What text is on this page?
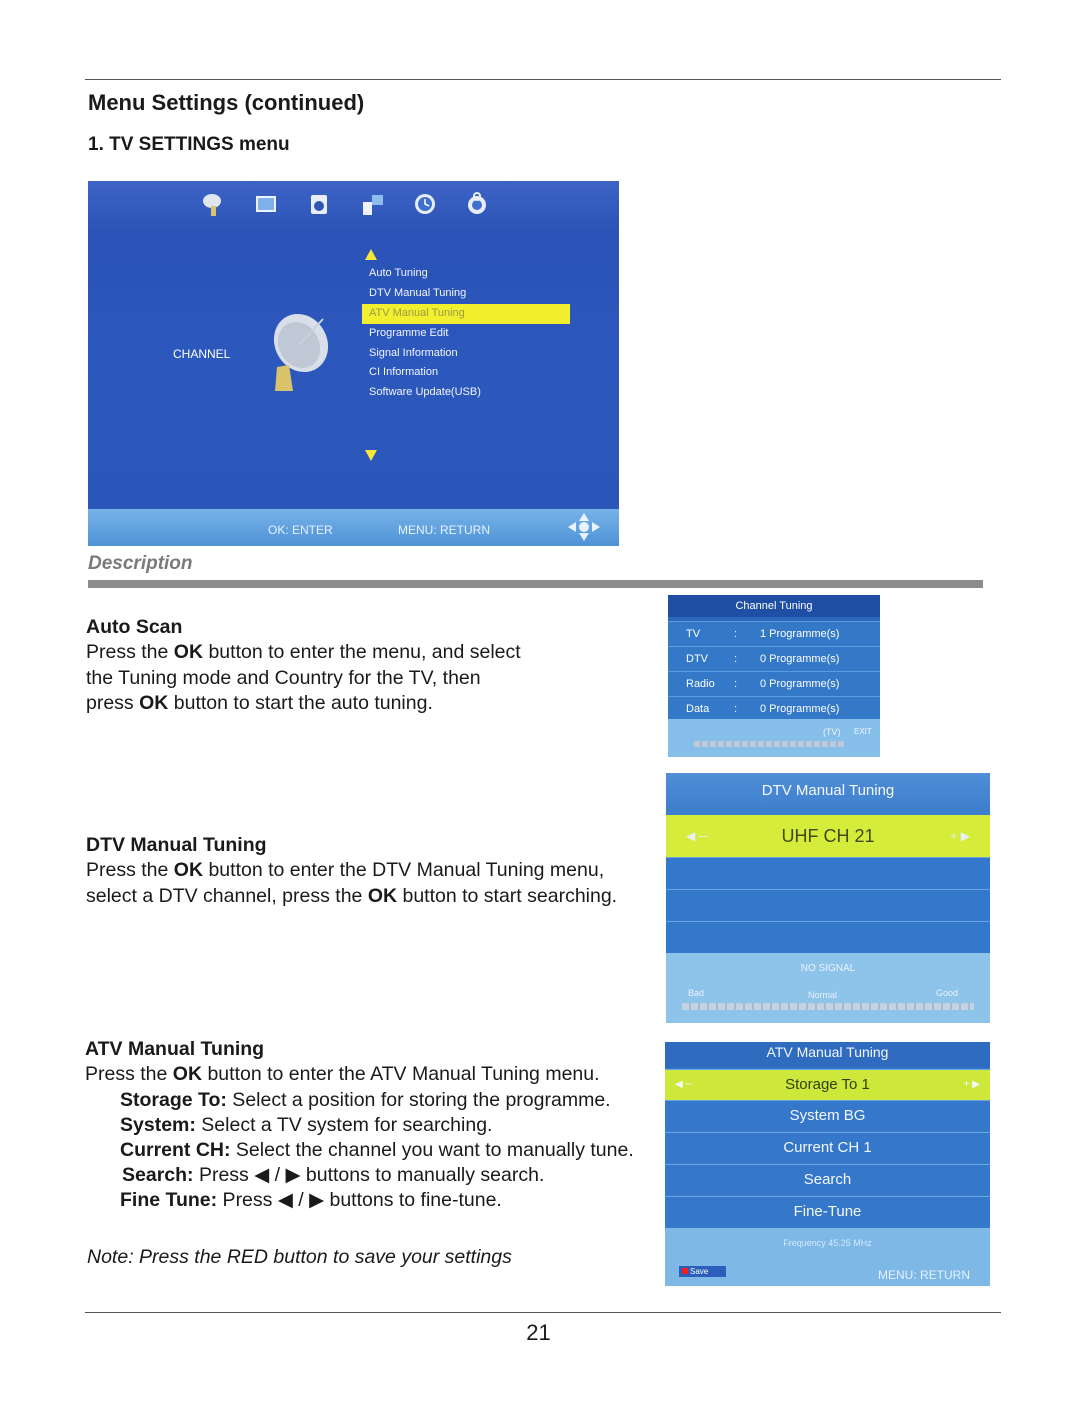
Menu Settings (continued)
1. TV SETTINGS menu
Auto Tuning
DTV Manual Tuning
ATV Manual Tuning
Programme Edit
Signal Information
CI Information
Software Update(USB)
CHANNEL
OK: ENTER	MENU: RETURN
Description
Auto Scan
Press the OK button to enter the menu, and select
the Tuning mode and Country for the TV, then
press OK button to start the auto tuning.
Channel Tuning
TV	: 1 Programme(s)
DTV : 0 Programme(s)
Radio : 0 Programme(s)
Data : 0 Programme(s)
(TV) EXIT
DTV Manual Tuning
Press the OK button to enter the DTV Manual Tuning menu,
select a DTV channel, press the OK button to start searching.
DTV Manual Tuning
◀ ─	UHF CH 21	+ ▶
NO SIGNAL
Bad	Normal	Good
ATV Manual Tuning
Press the OK button to enter the ATV Manual Tuning menu.
Storage To: Select a position for storing the programme.
System: Select a TV system for searching.
Current CH: Select the channel you want to manually tune.
Search: Press ◀ / ▶ buttons to manually search.
Fine Tune: Press ◀ / ▶ buttons to fine-tune.
ATV Manual Tuning
◀ ─	Storage To 1	+ ▶
System BG
Current CH 1
Search
Fine-Tune
Frequency 45.25 MHz
Save	MENU: RETURN
Note: Press the RED button to save your settings
21
